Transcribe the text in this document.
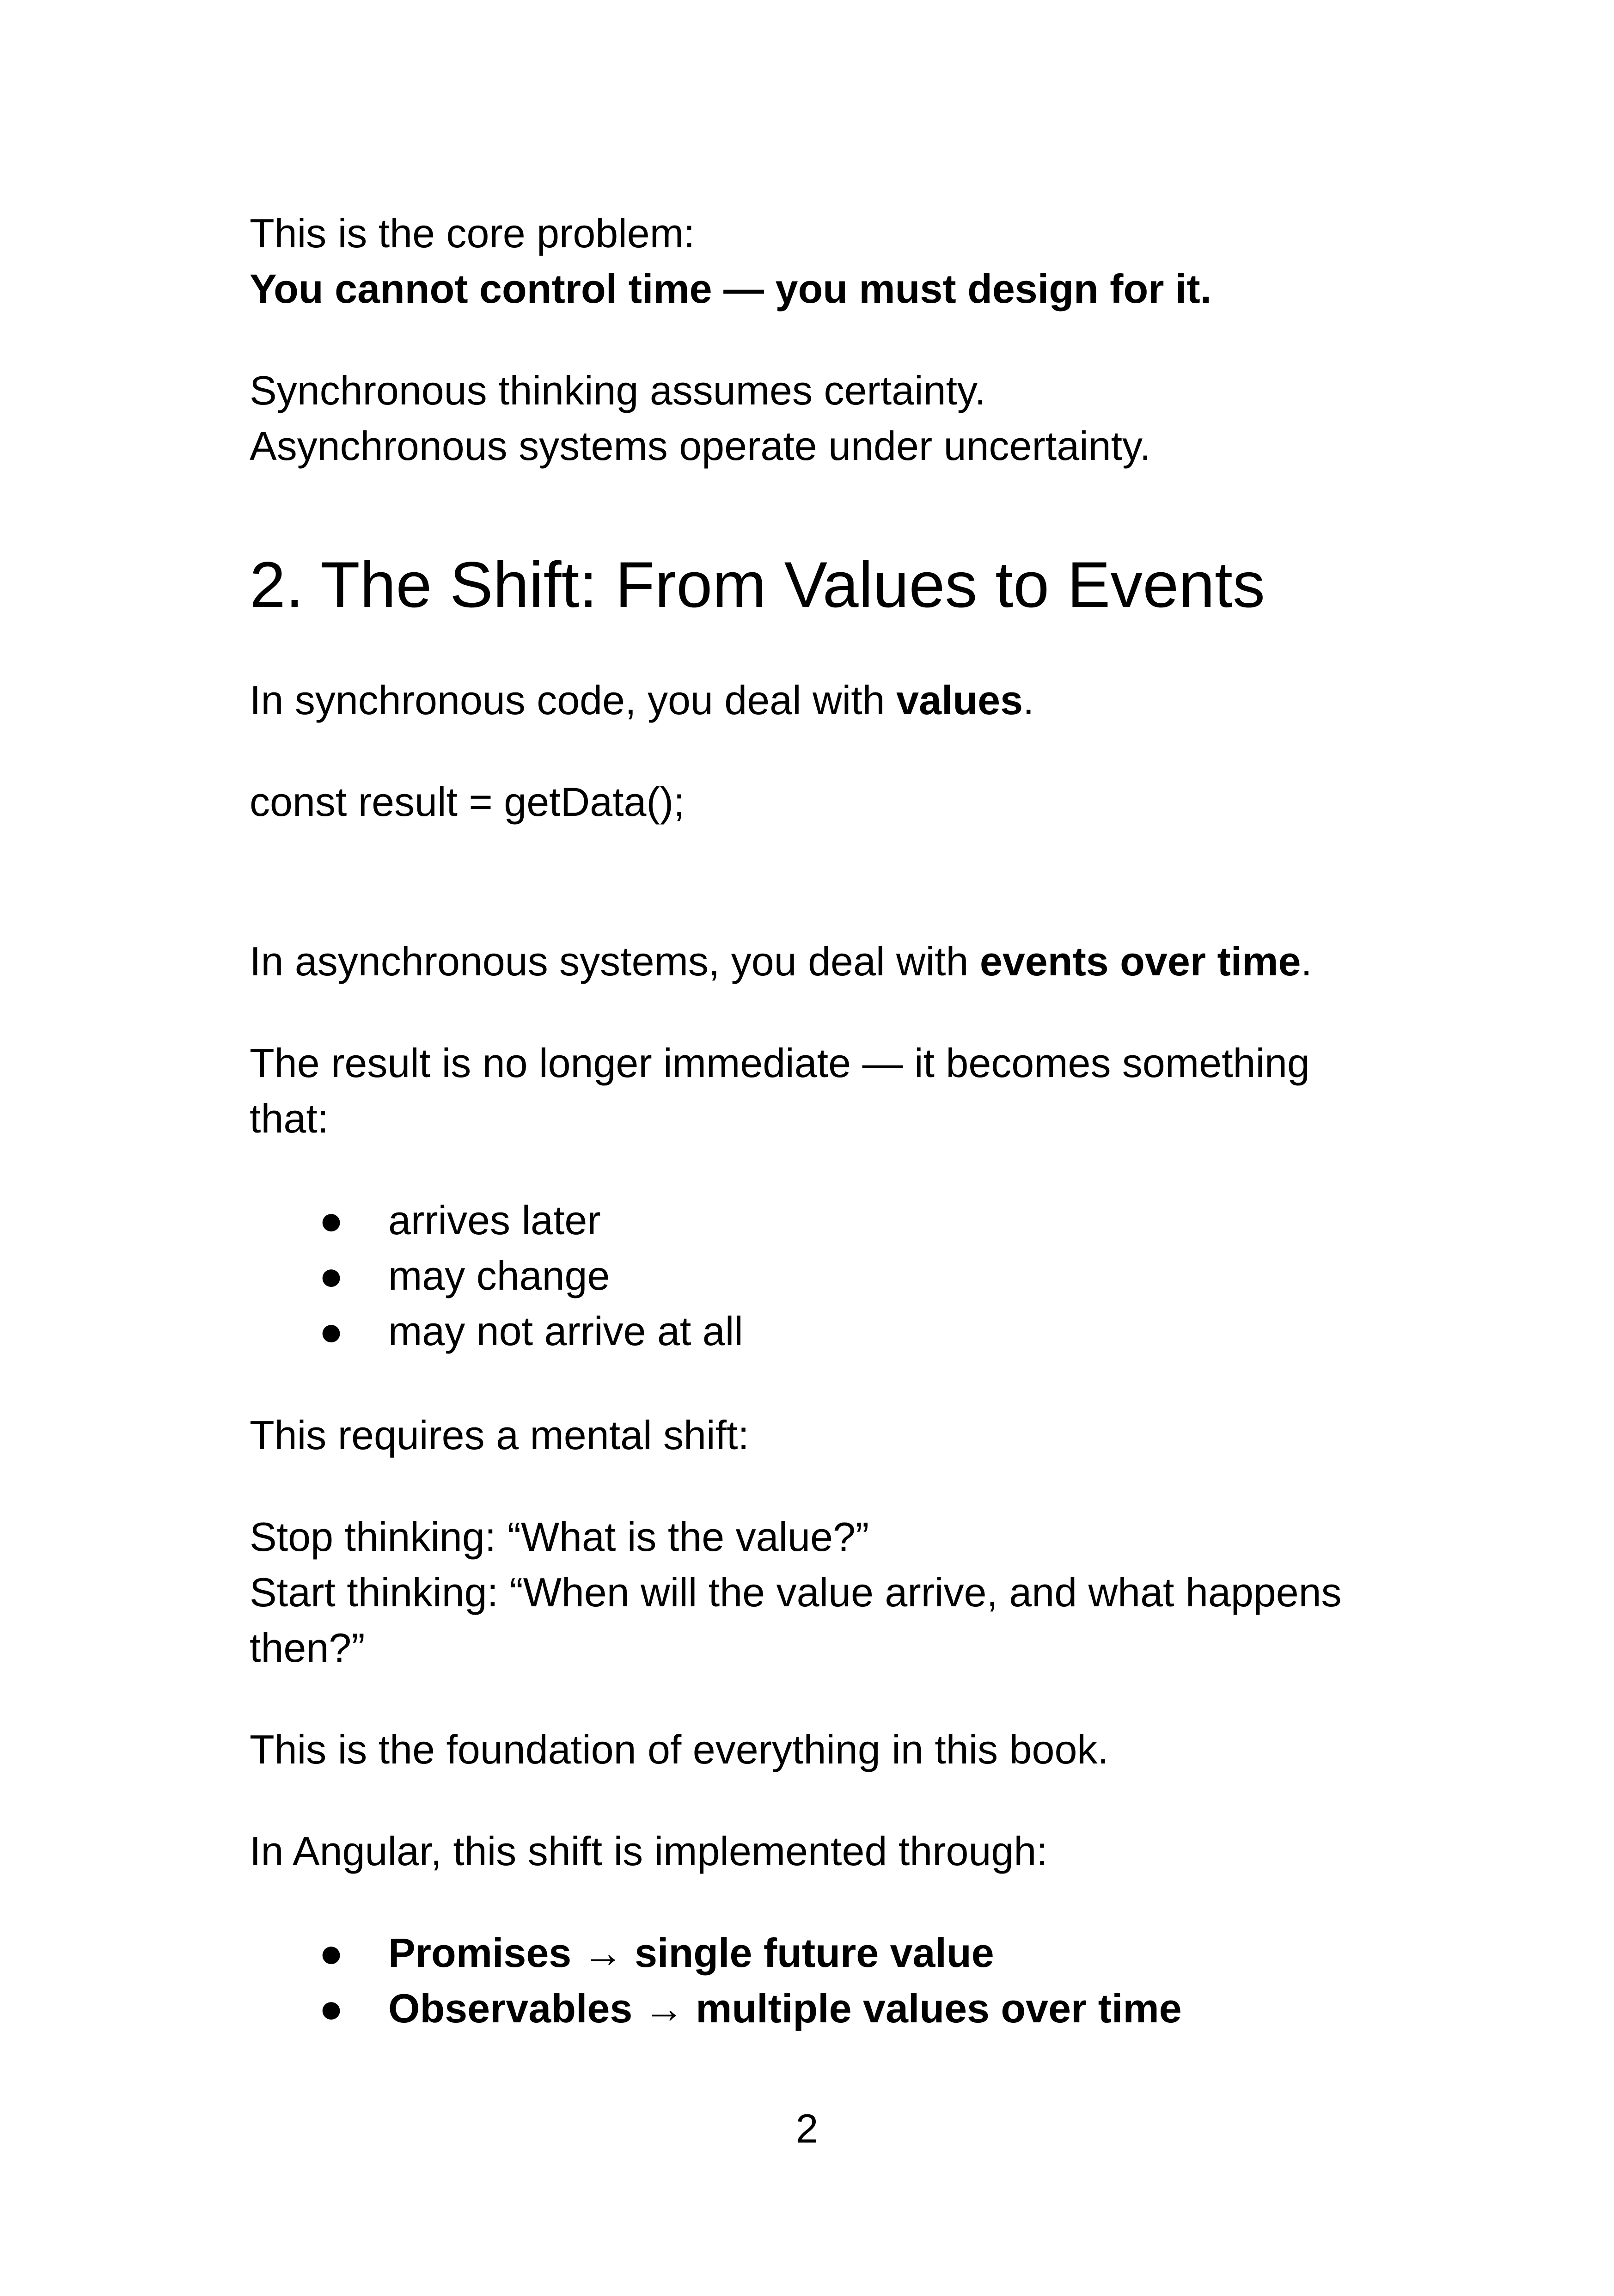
This is the core problem:
You cannot control time — you must design for it.
Synchronous thinking assumes certainty.
Asynchronous systems operate under uncertainty.
2. The Shift: From Values to Events
In synchronous code, you deal with values.
const result = getData();
In asynchronous systems, you deal with events over time.
The result is no longer immediate — it becomes something
that:
● arrives later
● may change
● may not arrive at all
This requires a mental shift:
Stop thinking: “What is the value?”
Start thinking: “When will the value arrive, and what happens
then?”
This is the foundation of everything in this book.
In Angular, this shift is implemented through:
● Promises → single future value
● Observables → multiple values over time
2
